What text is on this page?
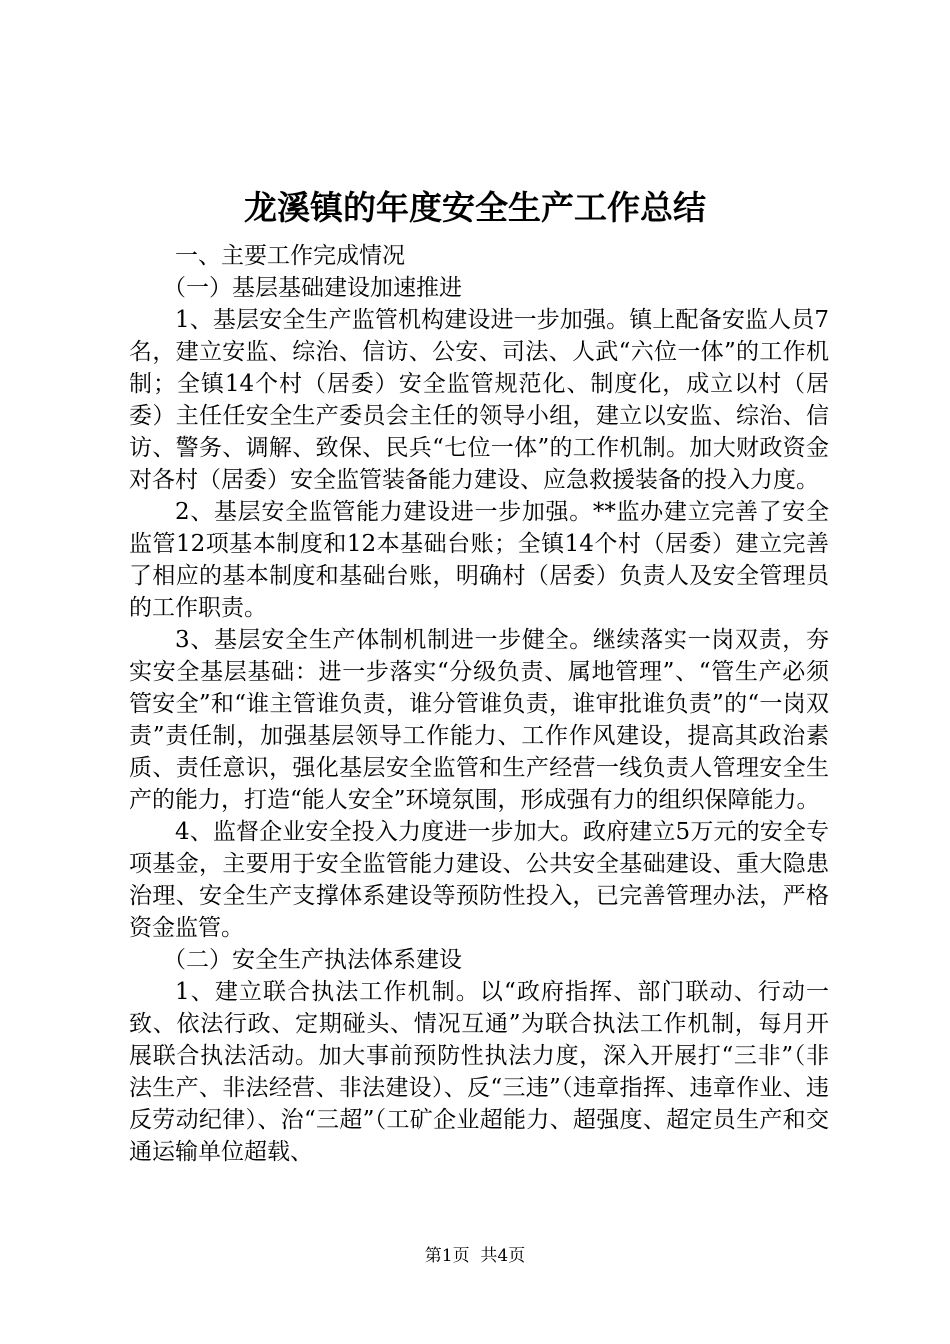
龙溪镇的年度安全生产工作总结

一、主要工作完成情况

（一）基层基础建设加速推进

1、基层安全生产监管机构建设进一步加强。镇上配备安监人员7名，建立安监、综治、信访、公安、司法、人武“六位一体”的工作机制；全镇14个村（居委）安全监管规范化、制度化，成立以村（居委）主任任安全生产委员会主任的领导小组，建立以安监、综治、信访、警务、调解、致保、民兵“七位一体”的工作机制。加大财政资金对各村（居委）安全监管装备能力建设、应急救援装备的投入力度。

2、基层安全监管能力建设进一步加强。**监办建立完善了安全监管12项基本制度和12本基础台账；全镇14个村（居委）建立完善了相应的基本制度和基础台账，明确村（居委）负责人及安全管理员的工作职责。

3、基层安全生产体制机制进一步健全。继续落实一岗双责，夯实安全基层基础：进一步落实“分级负责、属地管理”、“管生产必须管安全”和“谁主管谁负责，谁分管谁负责，谁审批谁负责”的“一岗双责”责任制，加强基层领导工作能力、工作作风建设，提高其政治素质、责任意识，强化基层安全监管和生产经营一线负责人管理安全生产的能力，打造“能人安全”环境氛围，形成强有力的组织保障能力。

4、监督企业安全投入力度进一步加大。政府建立5万元的安全专项基金，主要用于安全监管能力建设、公共安全基础建设、重大隐患治理、安全生产支撑体系建设等预防性投入，已完善管理办法，严格资金监管。

（二）安全生产执法体系建设

1、建立联合执法工作机制。以“政府指挥、部门联动、行动一致、依法行政、定期碰头、情况互通”为联合执法工作机制，每月开展联合执法活动。加大事前预防性执法力度，深入开展打“三非”（非法生产、非法经营、非法建设）、反“三违”（违章指挥、违章作业、违反劳动纪律）、治“三超”（工矿企业超能力、超强度、超定员生产和交通运输单位超载、

第1页 共4页
